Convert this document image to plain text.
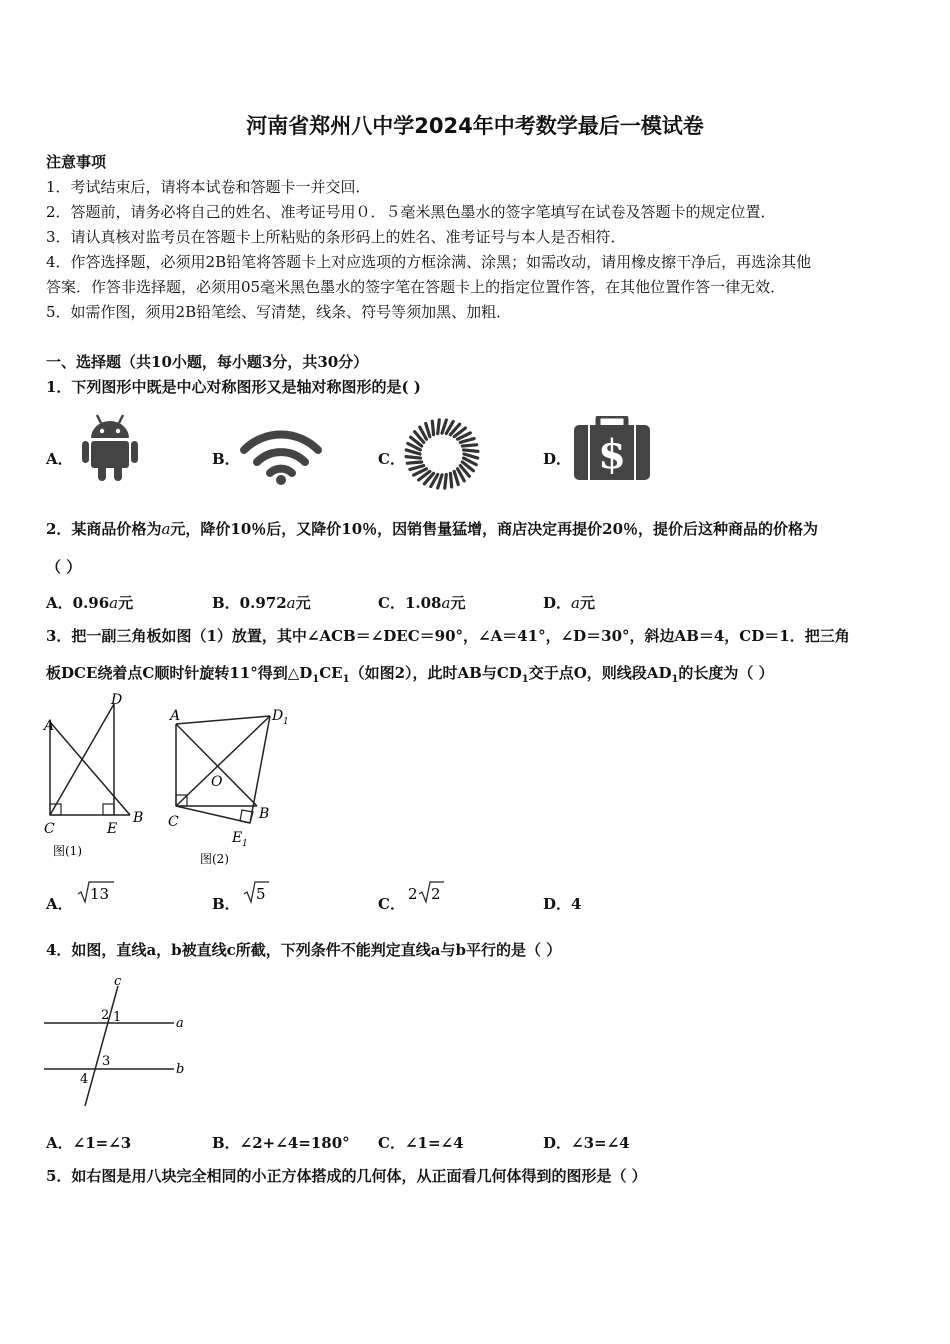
河南省郑州八中学2024年中考数学最后一模试卷
注意事项
1．考试结束后，请将本试卷和答题卡一并交回．
2．答题前，请务必将自己的姓名、准考证号用０．５毫米黑色墨水的签字笔填写在试卷及答题卡的规定位置．
3．请认真核对监考员在答题卡上所粘贴的条形码上的姓名、准考证号与本人是否相符．
4．作答选择题，必须用2B铅笔将答题卡上对应选项的方框涂满、涂黑；如需改动，请用橡皮擦干净后，再选涂其他
答案．作答非选择题，必须用05毫米黑色墨水的签字笔在答题卡上的指定位置作答，在其他位置作答一律无效．
5．如需作图，须用2B铅笔绘、写清楚，线条、符号等须加黑、加粗．
一、选择题（共10小题，每小题3分，共30分）
1．下列图形中既是中心对称图形又是轴对称图形的是( )
A．	B．	C．	D． $
2．某商品价格为a元，降价10％后，又降价10％，因销售量猛增，商店决定再提价20％，提价后这种商品的价格为
（ ）
A．0.96a元	B．0.972a元	C．1.08a元	D．a元
3．把一副三角板如图（1）放置，其中∠ACB＝∠DEC＝90°，∠A＝41°，∠D＝30°，斜边AB＝4，CD＝1．把三角
板DCE绕着点C顺时针旋转11°得到$\triangle D_1CE_1$（如图2），此时AB与$CD_1$交于点O，则线段$AD_1$的长度为（ ）
A
D
C	E
B
图(1)
A	D 1
O
C
E 1
B
图(2)
A．
13
B．
5
C．
2 2
D．4
4．如图，直线a，b被直线c所截，下列条件不能判定直线a与b平行的是（ ）
c
a
b
2 1
3
4
A．∠1=∠3	B．∠2+∠4=180° C．∠1=∠4	D．∠3=∠4
5．如右图是用八块完全相同的小正方体搭成的几何体，从正面看几何体得到的图形是（ ）
